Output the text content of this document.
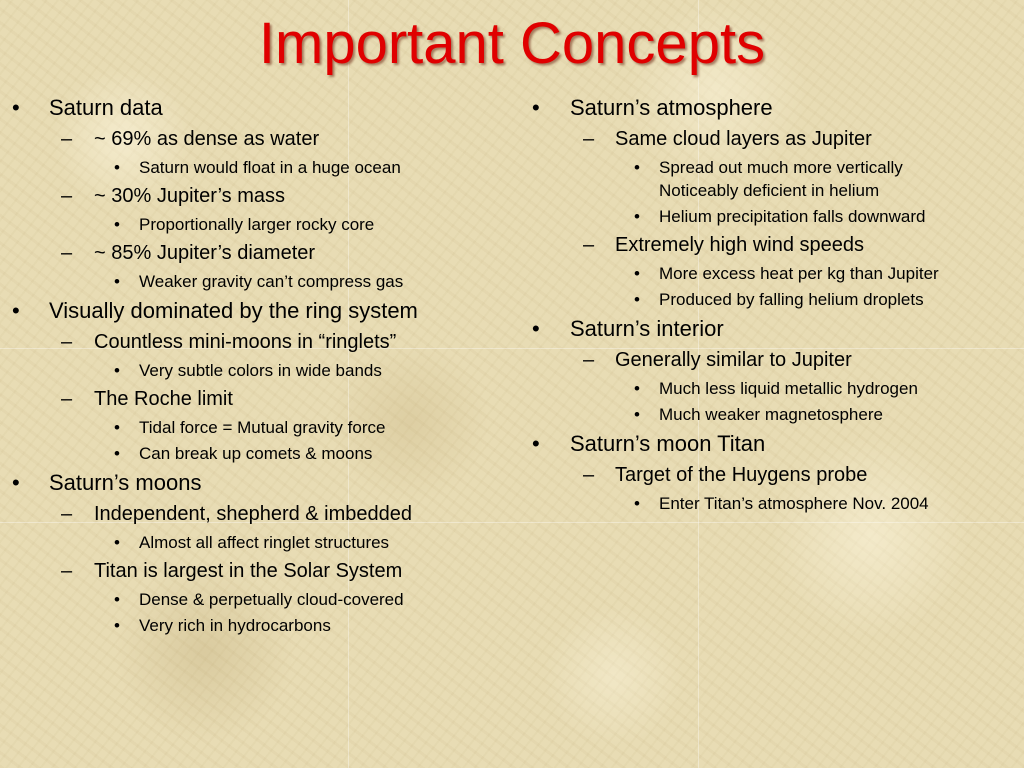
Important Concepts
• Saturn data
– ~ 69% as dense as water
• Saturn would float in a huge ocean
– ~ 30% Jupiter’s mass
• Proportionally larger rocky core
– ~ 85% Jupiter’s diameter
• Weaker gravity can’t compress gas
• Visually dominated by the ring system
– Countless mini-moons in “ringlets”
• Very subtle colors in wide bands
– The Roche limit
• Tidal force = Mutual gravity force
• Can break up comets & moons
• Saturn’s moons
– Independent, shepherd & imbedded
• Almost all affect ringlet structures
– Titan is largest in the Solar System
• Dense & perpetually cloud-covered
• Very rich in hydrocarbons
• Saturn’s atmosphere
– Same cloud layers as Jupiter
• Spread out much more vertically
Noticeably deficient in helium
• Helium precipitation falls downward
– Extremely high wind speeds
• More excess heat per kg than Jupiter
• Produced by falling helium droplets
• Saturn’s interior
– Generally similar to Jupiter
• Much less liquid metallic hydrogen
• Much weaker magnetosphere
• Saturn’s moon Titan
– Target of the Huygens probe
• Enter Titan’s atmosphere Nov. 2004
